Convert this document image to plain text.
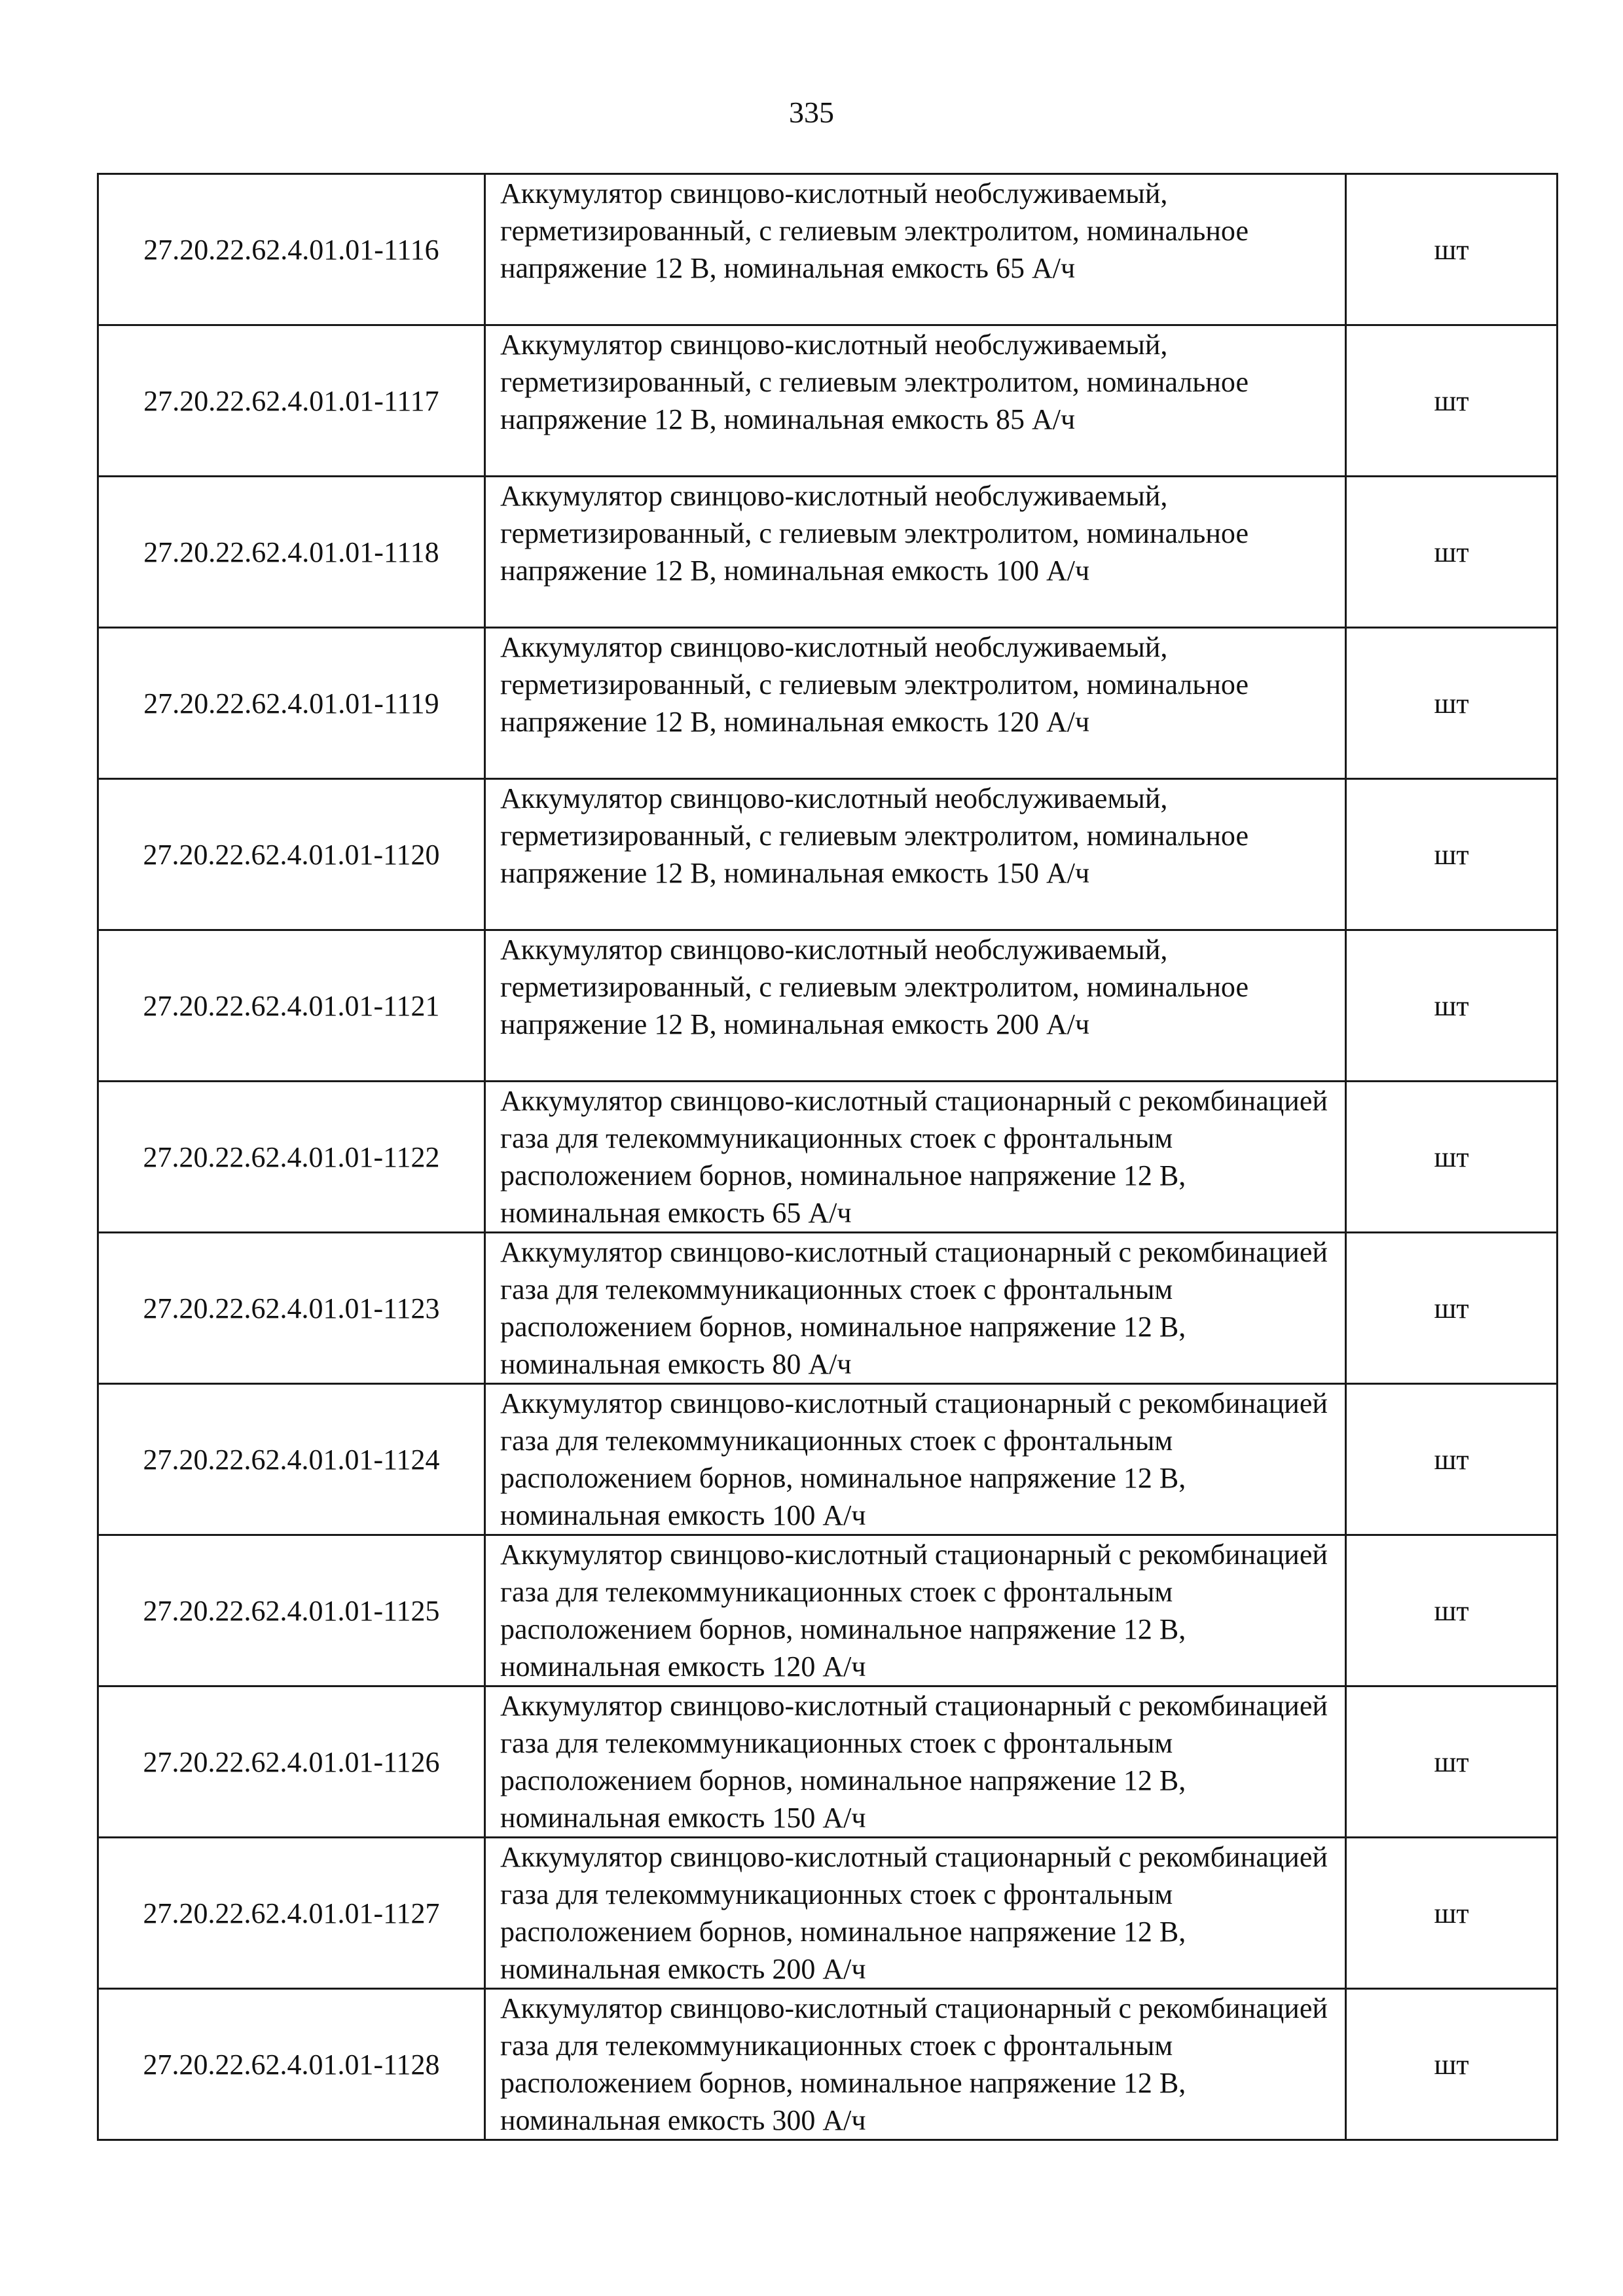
335
27.20.22.62.4.01.01-1116	Аккумулятор свинцово-кислотный необслуживаемый, герметизированный, с гелиевым электролитом, номинальное напряжение 12 В, номинальная емкость 65 А/ч	шт
27.20.22.62.4.01.01-1117	Аккумулятор свинцово-кислотный необслуживаемый, герметизированный, с гелиевым электролитом, номинальное напряжение 12 В, номинальная емкость 85 А/ч	шт
27.20.22.62.4.01.01-1118	Аккумулятор свинцово-кислотный необслуживаемый, герметизированный, с гелиевым электролитом, номинальное напряжение 12 В, номинальная емкость 100 А/ч	шт
27.20.22.62.4.01.01-1119	Аккумулятор свинцово-кислотный необслуживаемый, герметизированный, с гелиевым электролитом, номинальное напряжение 12 В, номинальная емкость 120 А/ч	шт
27.20.22.62.4.01.01-1120	Аккумулятор свинцово-кислотный необслуживаемый, герметизированный, с гелиевым электролитом, номинальное напряжение 12 В, номинальная емкость 150 А/ч	шт
27.20.22.62.4.01.01-1121	Аккумулятор свинцово-кислотный необслуживаемый, герметизированный, с гелиевым электролитом, номинальное напряжение 12 В, номинальная емкость 200 А/ч	шт
27.20.22.62.4.01.01-1122	Аккумулятор свинцово-кислотный стационарный с рекомбинацией газа для телекоммуникационных стоек с фронтальным расположением борнов, номинальное напряжение 12 В, номинальная емкость 65 А/ч	шт
27.20.22.62.4.01.01-1123	Аккумулятор свинцово-кислотный стационарный с рекомбинацией газа для телекоммуникационных стоек с фронтальным расположением борнов, номинальное напряжение 12 В, номинальная емкость 80 А/ч	шт
27.20.22.62.4.01.01-1124	Аккумулятор свинцово-кислотный стационарный с рекомбинацией газа для телекоммуникационных стоек с фронтальным расположением борнов, номинальное напряжение 12 В, номинальная емкость 100 А/ч	шт
27.20.22.62.4.01.01-1125	Аккумулятор свинцово-кислотный стационарный с рекомбинацией газа для телекоммуникационных стоек с фронтальным расположением борнов, номинальное напряжение 12 В, номинальная емкость 120 А/ч	шт
27.20.22.62.4.01.01-1126	Аккумулятор свинцово-кислотный стационарный с рекомбинацией газа для телекоммуникационных стоек с фронтальным расположением борнов, номинальное напряжение 12 В, номинальная емкость 150 А/ч	шт
27.20.22.62.4.01.01-1127	Аккумулятор свинцово-кислотный стационарный с рекомбинацией газа для телекоммуникационных стоек с фронтальным расположением борнов, номинальное напряжение 12 В, номинальная емкость 200 А/ч	шт
27.20.22.62.4.01.01-1128	Аккумулятор свинцово-кислотный стационарный с рекомбинацией газа для телекоммуникационных стоек с фронтальным расположением борнов, номинальное напряжение 12 В, номинальная емкость 300 А/ч	шт
